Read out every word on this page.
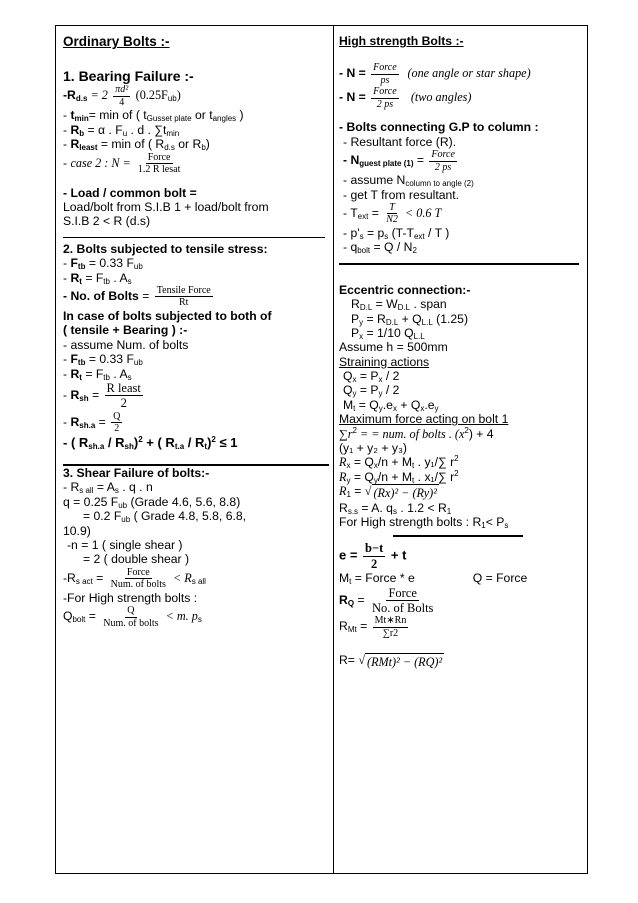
Ordinary Bolts :-
1. Bearing Failure :-
$-R_{d.s} = 2 \frac{\text{πd²}}{4} (0.25F_{ub})$
- $t_{min}= \min$ of ( $t_{Gusset plate}$ or $t_{angles}$ )
- $R_b = \alpha$ . $F_u$ . d . $\sum t_{min}$
- $R_{least} = \min$ of ( $R_{d.s}$ or $R_b$)
- case 2 : $N = \frac{\text{Force}}{\text{1.2 R lesat}}$
- Load / common bolt =
Load/bolt from S.I.B 1 + load/bolt from
S.I.B 2 < R (d.s)
2. Bolts subjected to tensile stress:
- $F_{tb} = 0.33$ $F_{ub}$
- $R_t = F_{tb}$ . $A_s$
- No. of Bolts = $\frac{\text{Tensile Force}}{Rt}$
In case of bolts subjected to both of
( tensile + Bearing ) :-
- assume Num. of bolts
- $F_{tb} = 0.33$ $F_{ub}$
- $R_t = F_{tb}$ . $A_s$
- $R_{sh} = \frac{\text{R least}}{2}$
- $R_{sh.a} = \frac{Q}{2}$
- ( $R_{sh.a} / R_{sh})^2$ + ( $R_{t.a} / R_t)^2 \le 1$
3. Shear Failure of bolts:-
- $R_{s all} = A_s$ . q . n
q = 0.25 $F_{ub}$ (Grade 4.6, 5.6, 8.8)
= 0.2 $F_{ub}$ ( Grade 4.8, 5.8, 6.8,
10.9)
-n = 1 ( single shear )
= 2 ( double shear )
$-R_{s act} = \frac{\text{Force}}{\text{Num. of bolts}} < R_{s all}$
-For High strength bolts :
$Q_{bolt} = \frac{Q}{\text{Num. of bolts}} < m$. $p_s$
High strength Bolts :-
- $N = \frac{\text{Force}}{ps} (one$ angle or star shape)
- $N = \frac{\text{Force}}{2 ps} (two$ angles)
- Bolts connecting G.P to column :
- Resultant force (R).
- $N_{guest plate (1)} = \frac{\text{Force}}{2 ps}$
- assume $N_{column to angle (2)}$
- get T from resultant.
- $T_{ext} = \frac{T}{N2} < 0.6$ T
- $p'_s = p_s$ ($T-T_{ext}$ / T )
- $q_{bolt} = Q / N_2$
Eccentric connection:-
$R_{D.L} = W_{D.L}$ . span
$P_y = R_{D.L} + Q_{L.L}$ (1.25)
$P_x = 1/10$ $Q_{L.L}$
Assume h = 500mm
Straining actions
$Q_x = P_x / 2$
$Q_y = P_y / 2$
$M_t = Q_y.e_x + Q_x.e_y$
Maximum force acting on bolt 1
$\sum r^2$ = = num. of bolts . $(x^2) + 4$
(y₁ + y₂ + y₃)
$R_x = Q_x/n + M_t$ . y₁/∑ $r^2$
$R_y = Q_y/n + M_t$ . x₁/∑ $r^2$
$R_1$ = √ (Rx)² − (Ry)²
$R_{s.s} = A$. $q_s$ . $1.2 < R_1$
For High strength bolts : $R_1< P_s$
$e = \frac{b-t}{2} + t$
$M_t$ = Force * e	Q = Force
$R_Q = \frac{\text{Force}}{\text{No. of Bolts}}$
$R_{Mt} = \frac{Mt∗Rn}{\sum r2}$
R= √ (RMt)² − (RQ)²
